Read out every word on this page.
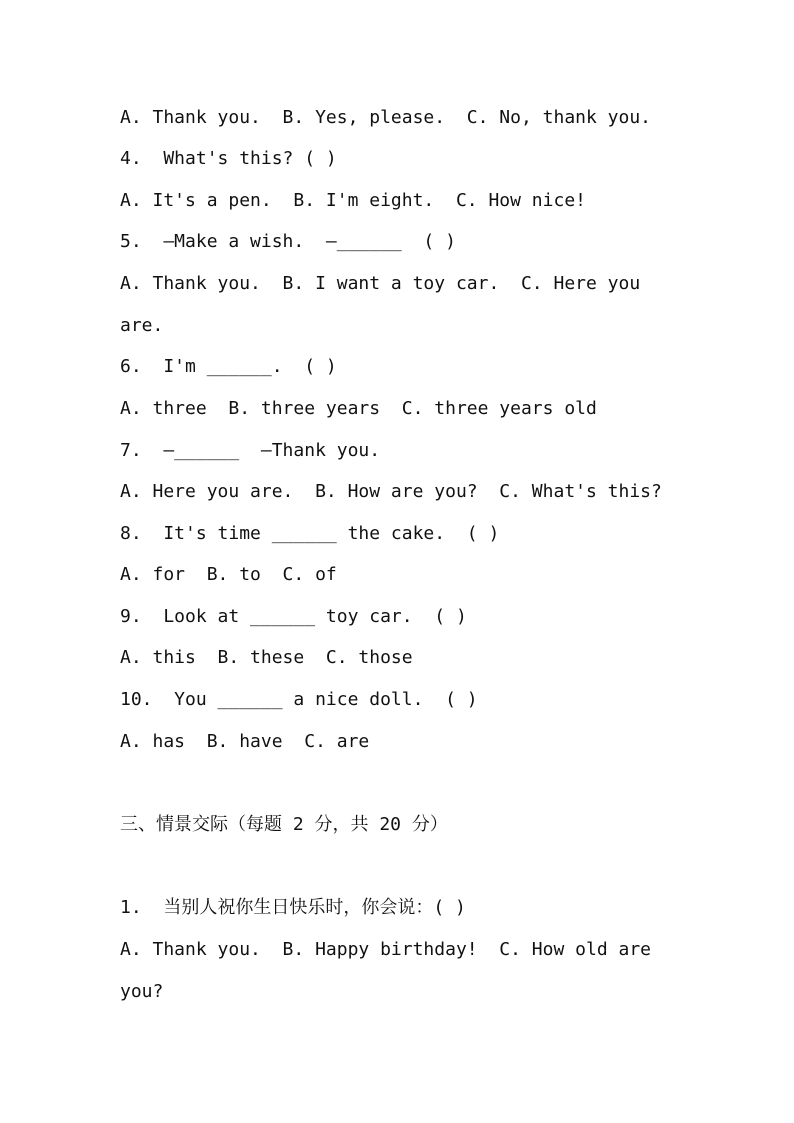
A. Thank you.  B. Yes, please.  C. No, thank you.
4.  What's this? ( )
A. It's a pen.  B. I'm eight.  C. How nice!
5.  —Make a wish.  —______  ( )
A. Thank you.  B. I want a toy car.  C. Here you
are.
6.  I'm ______.  ( )
A. three  B. three years  C. three years old
7.  —______  —Thank you.
A. Here you are.  B. How are you?  C. What's this?
8.  It's time ______ the cake.  ( )
A. for  B. to  C. of
9.  Look at ______ toy car.  ( )
A. this  B. these  C. those
10.  You ______ a nice doll.  ( )
A. has  B. have  C. are
三、情景交际（每题 2 分，共 20 分）
1.  当别人祝你生日快乐时，你会说：( )
A. Thank you.  B. Happy birthday!  C. How old are
you?
